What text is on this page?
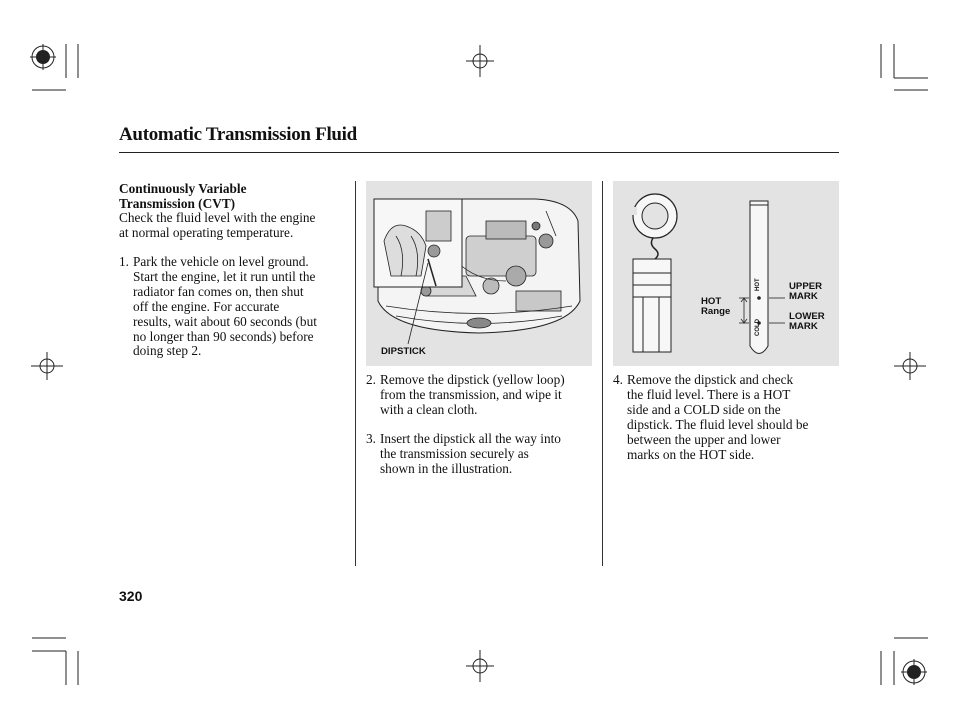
Automatic Transmission Fluid
Continuously Variable
Transmission (CVT)
Check the fluid level with the engine
at normal operating temperature.
1. Park the vehicle on level ground.
Start the engine, let it run until the
radiator fan comes on, then shut
off the engine. For accurate
results, wait about 60 seconds (but
no longer than 90 seconds) before
doing step 2.	DIPSTICK
2. Remove the dipstick (yellow loop)
from the transmission, and wipe it
with a clean cloth.
3. Insert the dipstick all the way into
the transmission securely as
shown in the illustration.
UPPER
MARK
LOWER
MARK
HOT
Range
HOT
COLD
4. Remove the dipstick and check
the fluid level. There is a HOT
side and a COLD side on the
dipstick. The fluid level should be
between the upper and lower
marks on the HOT side.
320
